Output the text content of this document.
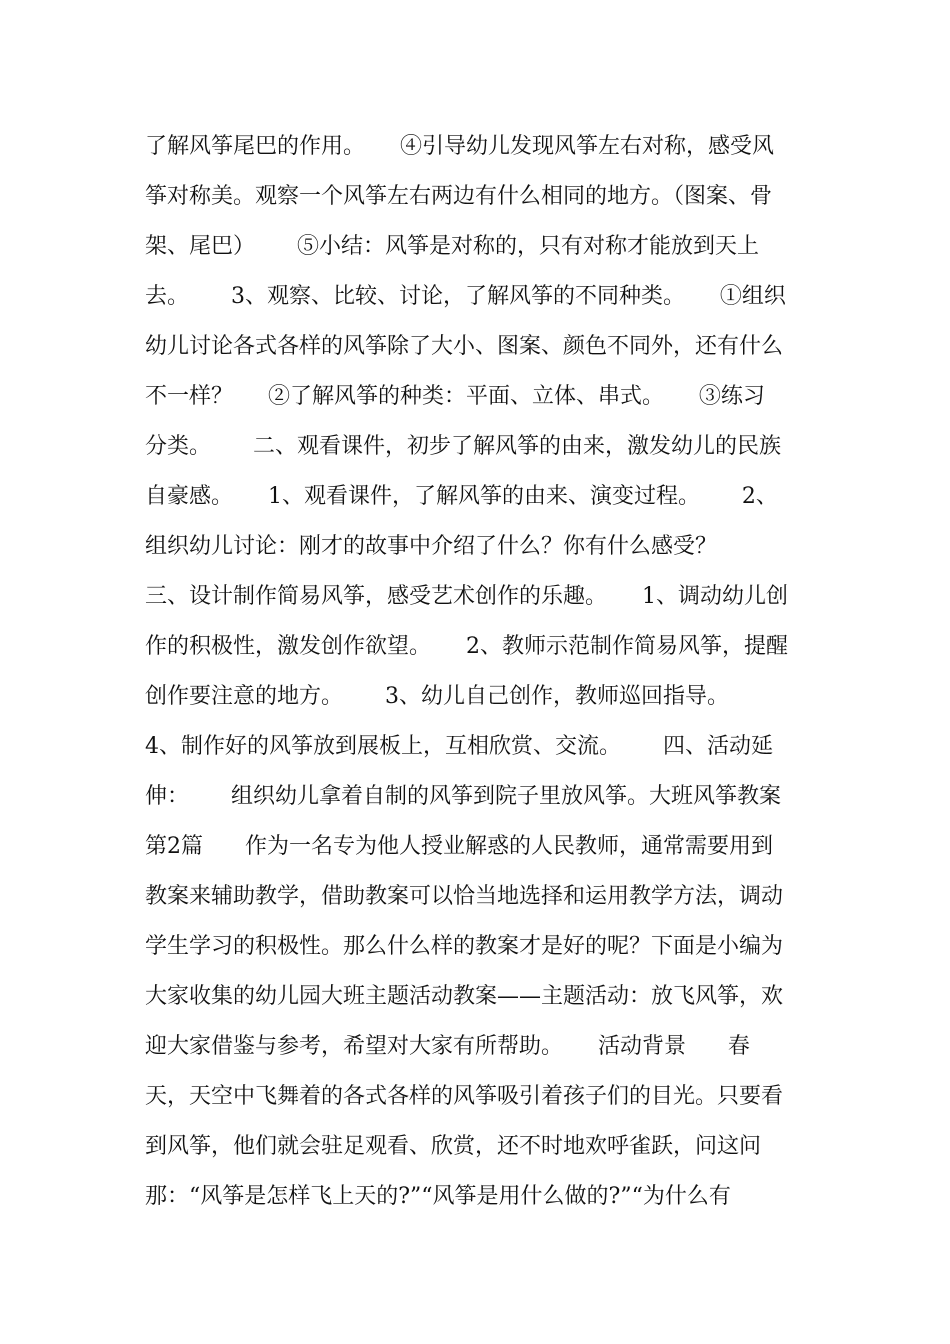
了解风筝尾巴的作用。     ④引导幼儿发现风筝左右对称，感受风
筝对称美。观察一个风筝左右两边有什么相同的地方。（图案、骨
架、尾巴）      ⑤小结：风筝是对称的，只有对称才能放到天上
去。      3、观察、比较、讨论，了解风筝的不同种类。     ①组织
幼儿讨论各式各样的风筝除了大小、图案、颜色不同外，还有什么
不一样？     ②了解风筝的种类：平面、立体、串式。     ③练习
分类。      二、观看课件，初步了解风筝的由来，激发幼儿的民族
自豪感。     1、观看课件，了解风筝的由来、演变过程。      2、
组织幼儿讨论：刚才的故事中介绍了什么？你有什么感受？
三、设计制作简易风筝，感受艺术创作的乐趣。     1、调动幼儿创
作的积极性，激发创作欲望。     2、教师示范制作简易风筝，提醒
创作要注意的地方。      3、幼儿自己创作，教师巡回指导。
4、制作好的风筝放到展板上，互相欣赏、交流。      四、活动延
伸：      组织幼儿拿着自制的风筝到院子里放风筝。大班风筝教案
第2篇      作为一名专为他人授业解惑的人民教师，通常需要用到
教案来辅助教学，借助教案可以恰当地选择和运用教学方法，调动
学生学习的积极性。那么什么样的教案才是好的呢？下面是小编为
大家收集的幼儿园大班主题活动教案——主题活动：放飞风筝，欢
迎大家借鉴与参考，希望对大家有所帮助。     活动背景      春
天，天空中飞舞着的各式各样的风筝吸引着孩子们的目光。只要看
到风筝，他们就会驻足观看、欣赏，还不时地欢呼雀跃，问这问
那：“风筝是怎样飞上天的?”“风筝是用什么做的?”“为什么有
